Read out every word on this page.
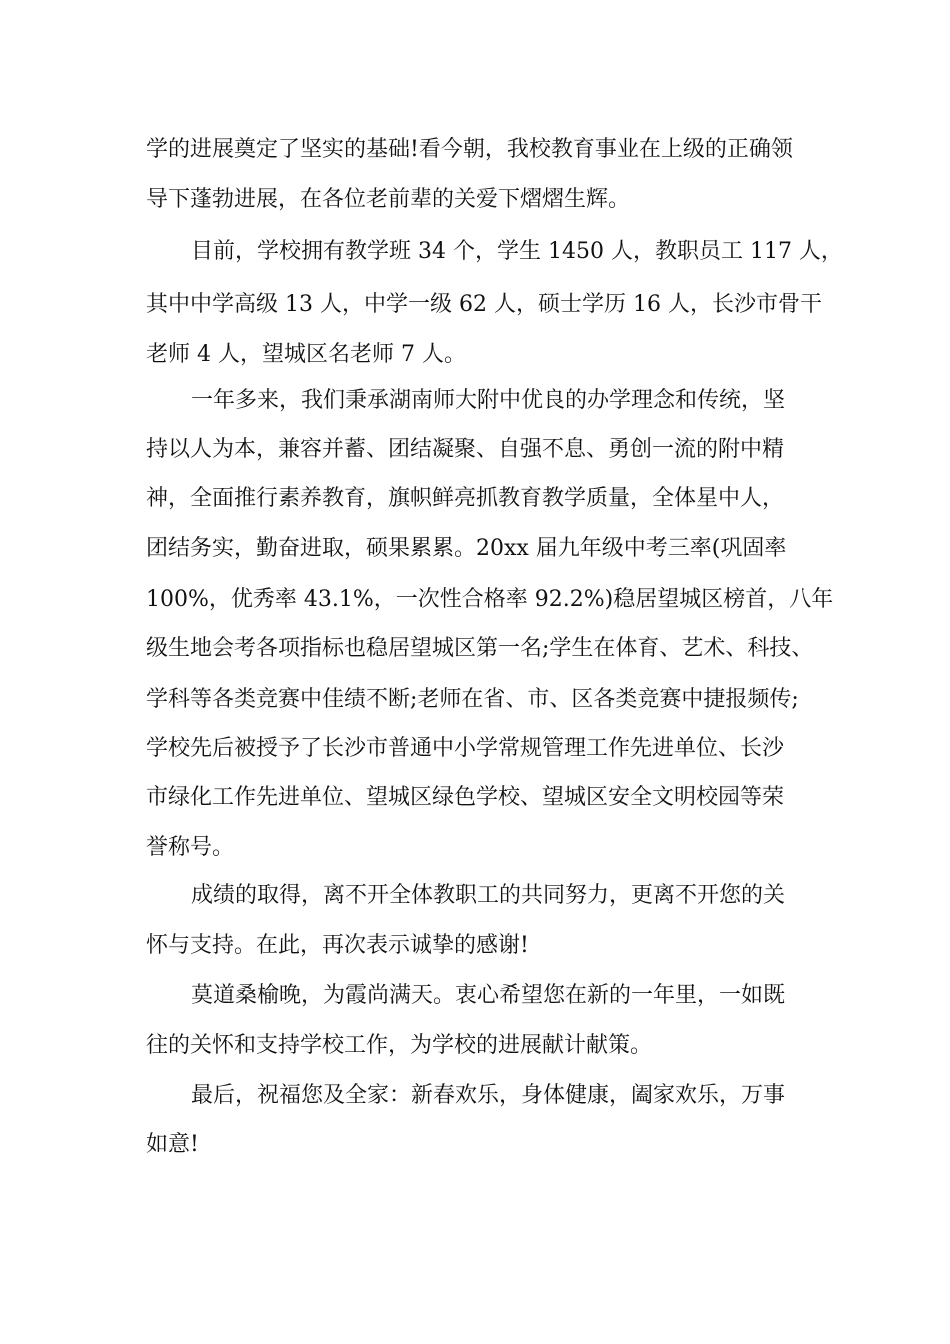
学的进展奠定了坚实的基础!看今朝，我校教育事业在上级的正确领
导下蓬勃进展，在各位老前辈的关爱下熠熠生辉。
目前，学校拥有教学班 34 个，学生 1450 人，教职员工 117 人，
其中中学高级 13 人，中学一级 62 人，硕士学历 16 人，长沙市骨干
老师 4 人，望城区名老师 7 人。
一年多来，我们秉承湖南师大附中优良的办学理念和传统，坚
持以人为本，兼容并蓄、团结凝聚、自强不息、勇创一流的附中精
神，全面推行素养教育，旗帜鲜亮抓教育教学质量，全体星中人，
团结务实，勤奋进取，硕果累累。20xx 届九年级中考三率(巩固率
100%，优秀率 43.1%，一次性合格率 92.2%)稳居望城区榜首，八年
级生地会考各项指标也稳居望城区第一名;学生在体育、艺术、科技、
学科等各类竞赛中佳绩不断;老师在省、市、区各类竞赛中捷报频传;
学校先后被授予了长沙市普通中小学常规管理工作先进单位、长沙
市绿化工作先进单位、望城区绿色学校、望城区安全文明校园等荣
誉称号。
成绩的取得，离不开全体教职工的共同努力，更离不开您的关
怀与支持。在此，再次表示诚挚的感谢!
莫道桑榆晚，为霞尚满天。衷心希望您在新的一年里，一如既
往的关怀和支持学校工作，为学校的进展献计献策。
最后，祝福您及全家：新春欢乐，身体健康，阖家欢乐，万事
如意!
